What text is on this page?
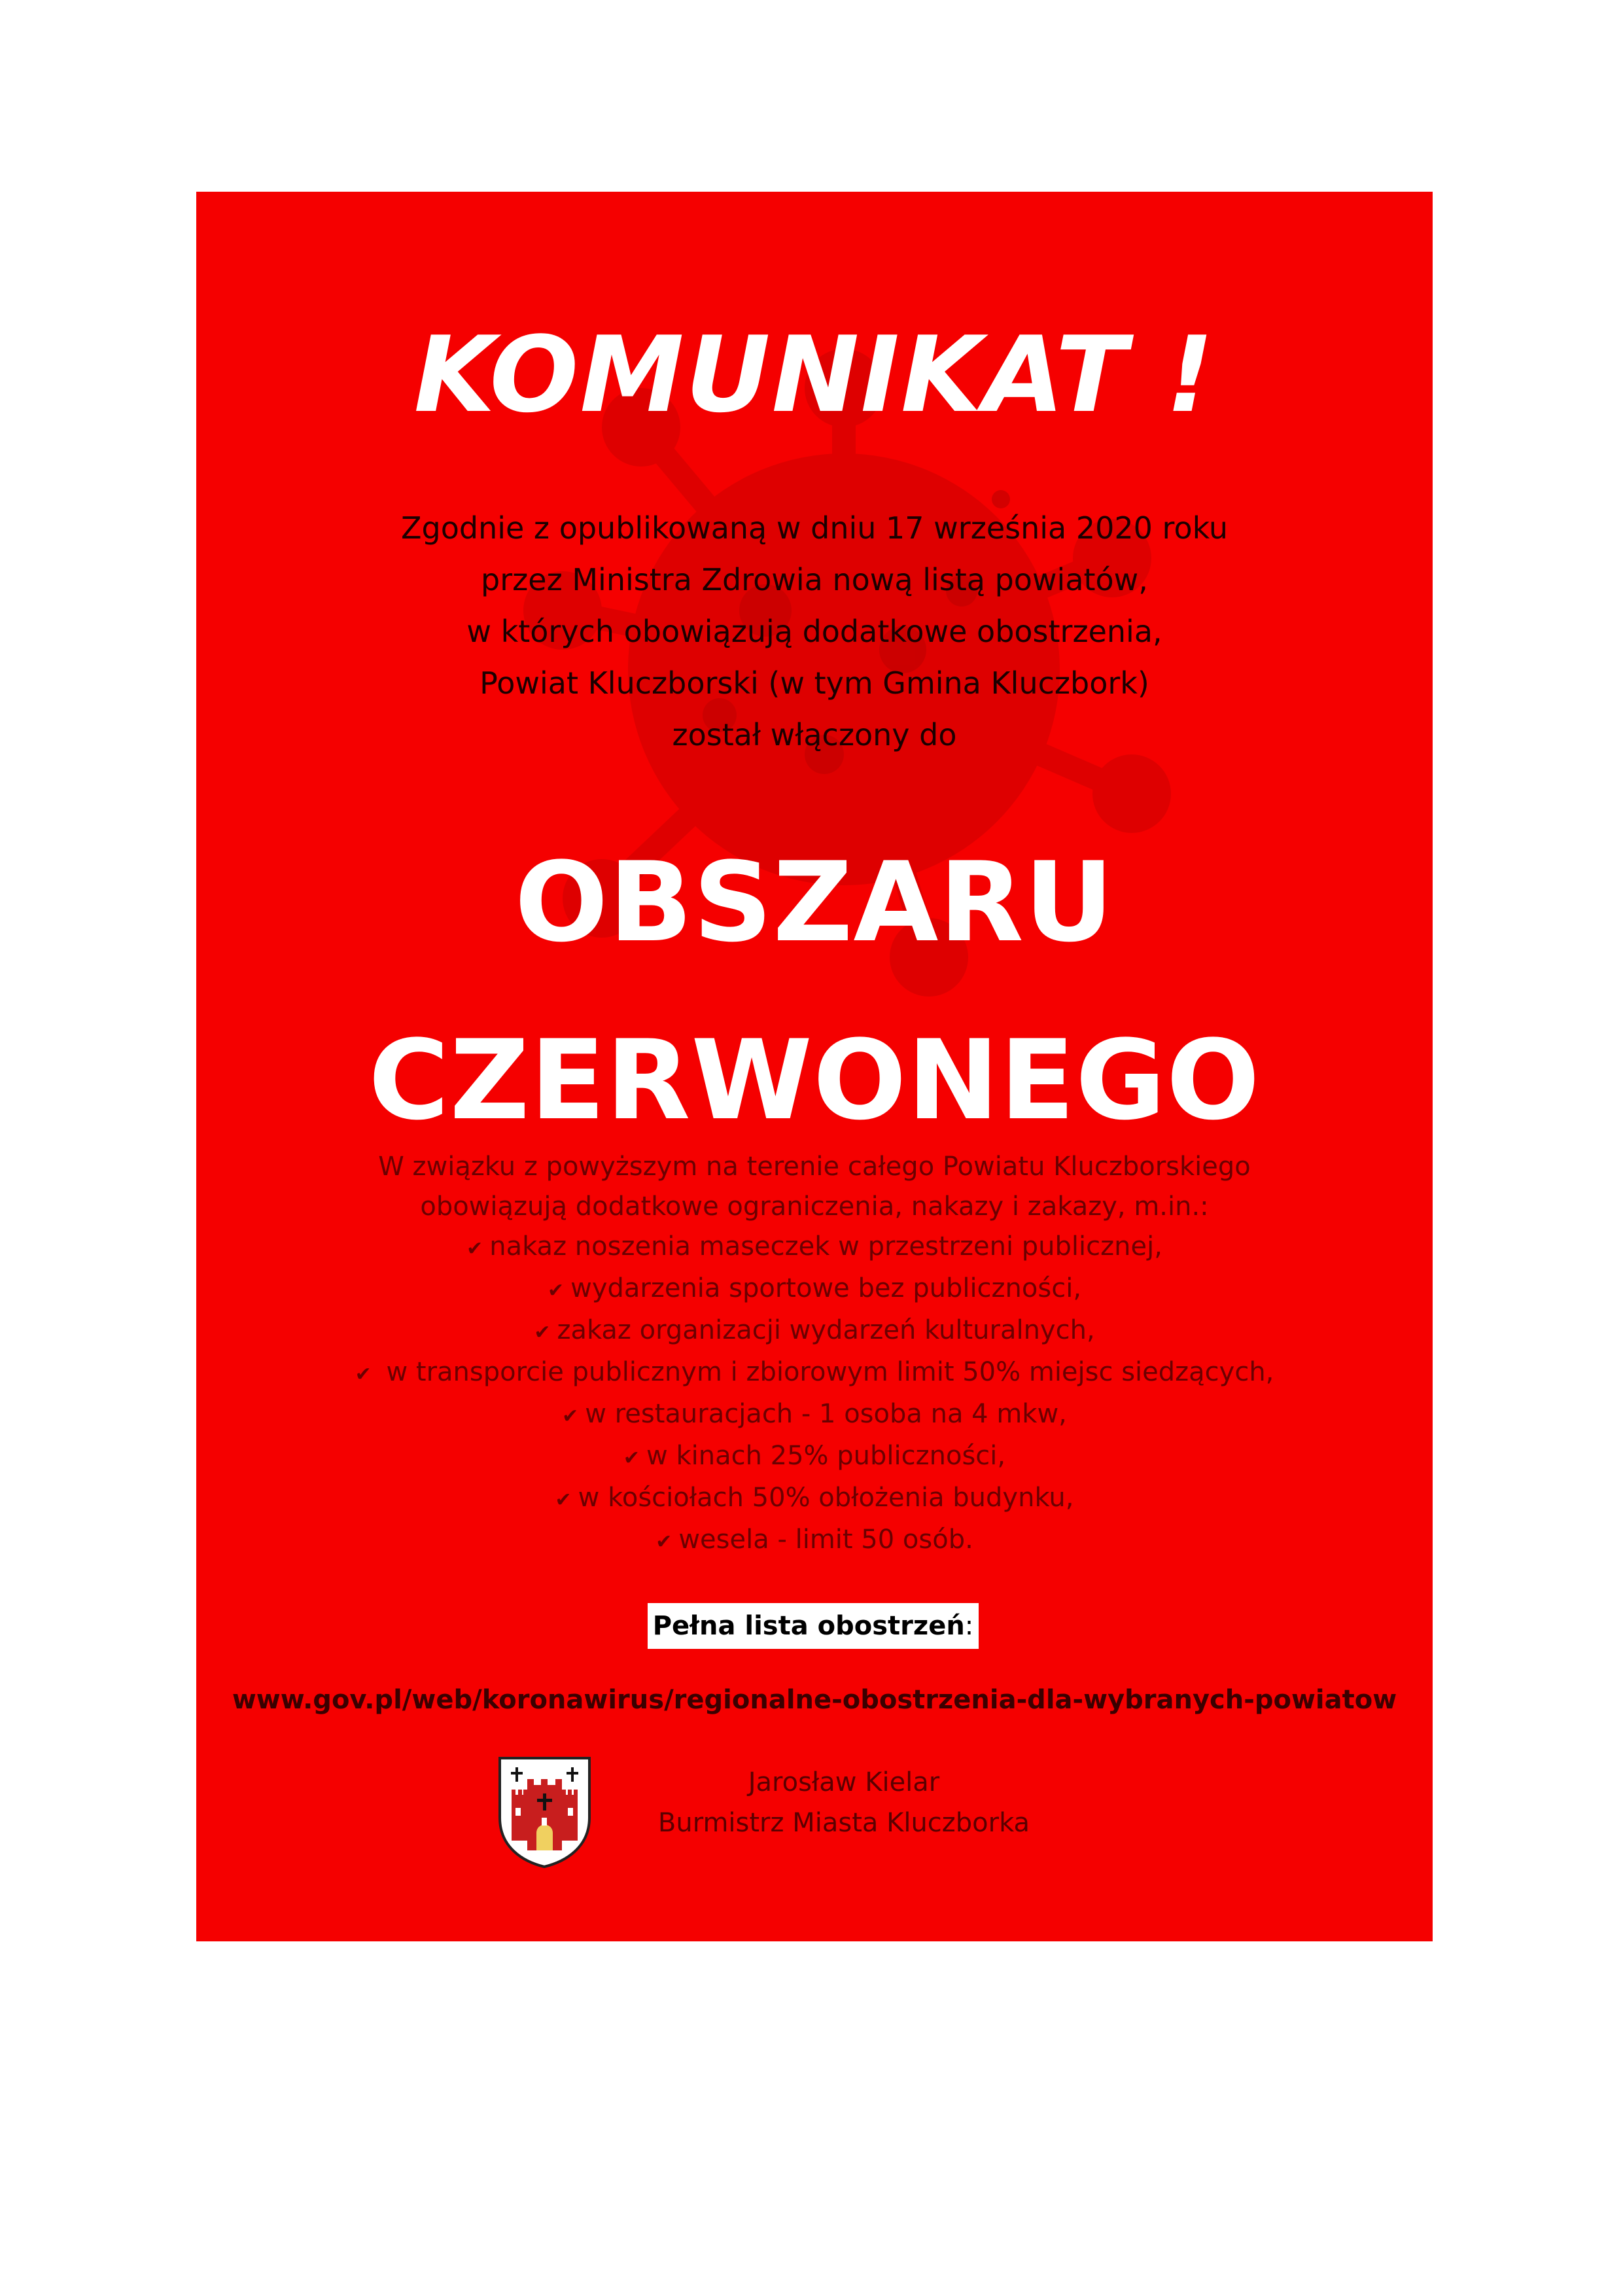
KOMUNIKAT !
Zgodnie z opublikowaną w dniu 17 września 2020 roku
przez Ministra Zdrowia nową listą powiatów,
w których obowiązują dodatkowe obostrzenia,
Powiat Kluczborski (w tym Gmina Kluczbork)
został włączony do
OBSZARU
CZERWONEGO
W związku z powyższym na terenie całego Powiatu Kluczborskiego
obowiązują dodatkowe ograniczenia, nakazy i zakazy, m.in.:
✔ nakaz noszenia maseczek w przestrzeni publicznej,
✔ wydarzenia sportowe bez publiczności,
✔ zakaz organizacji wydarzeń kulturalnych,
✔ w transporcie publicznym i zbiorowym limit 50% miejsc siedzących,
✔ w restauracjach - 1 osoba na 4 mkw,
✔ w kinach 25% publiczności,
✔ w kościołach 50% obłożenia budynku,
✔ wesela - limit 50 osób.
Pełna lista obostrzeń:
www.gov.pl/web/koronawirus/regionalne-obostrzenia-dla-wybranych-powiatow
Jarosław Kielar
Burmistrz Miasta Kluczborka
